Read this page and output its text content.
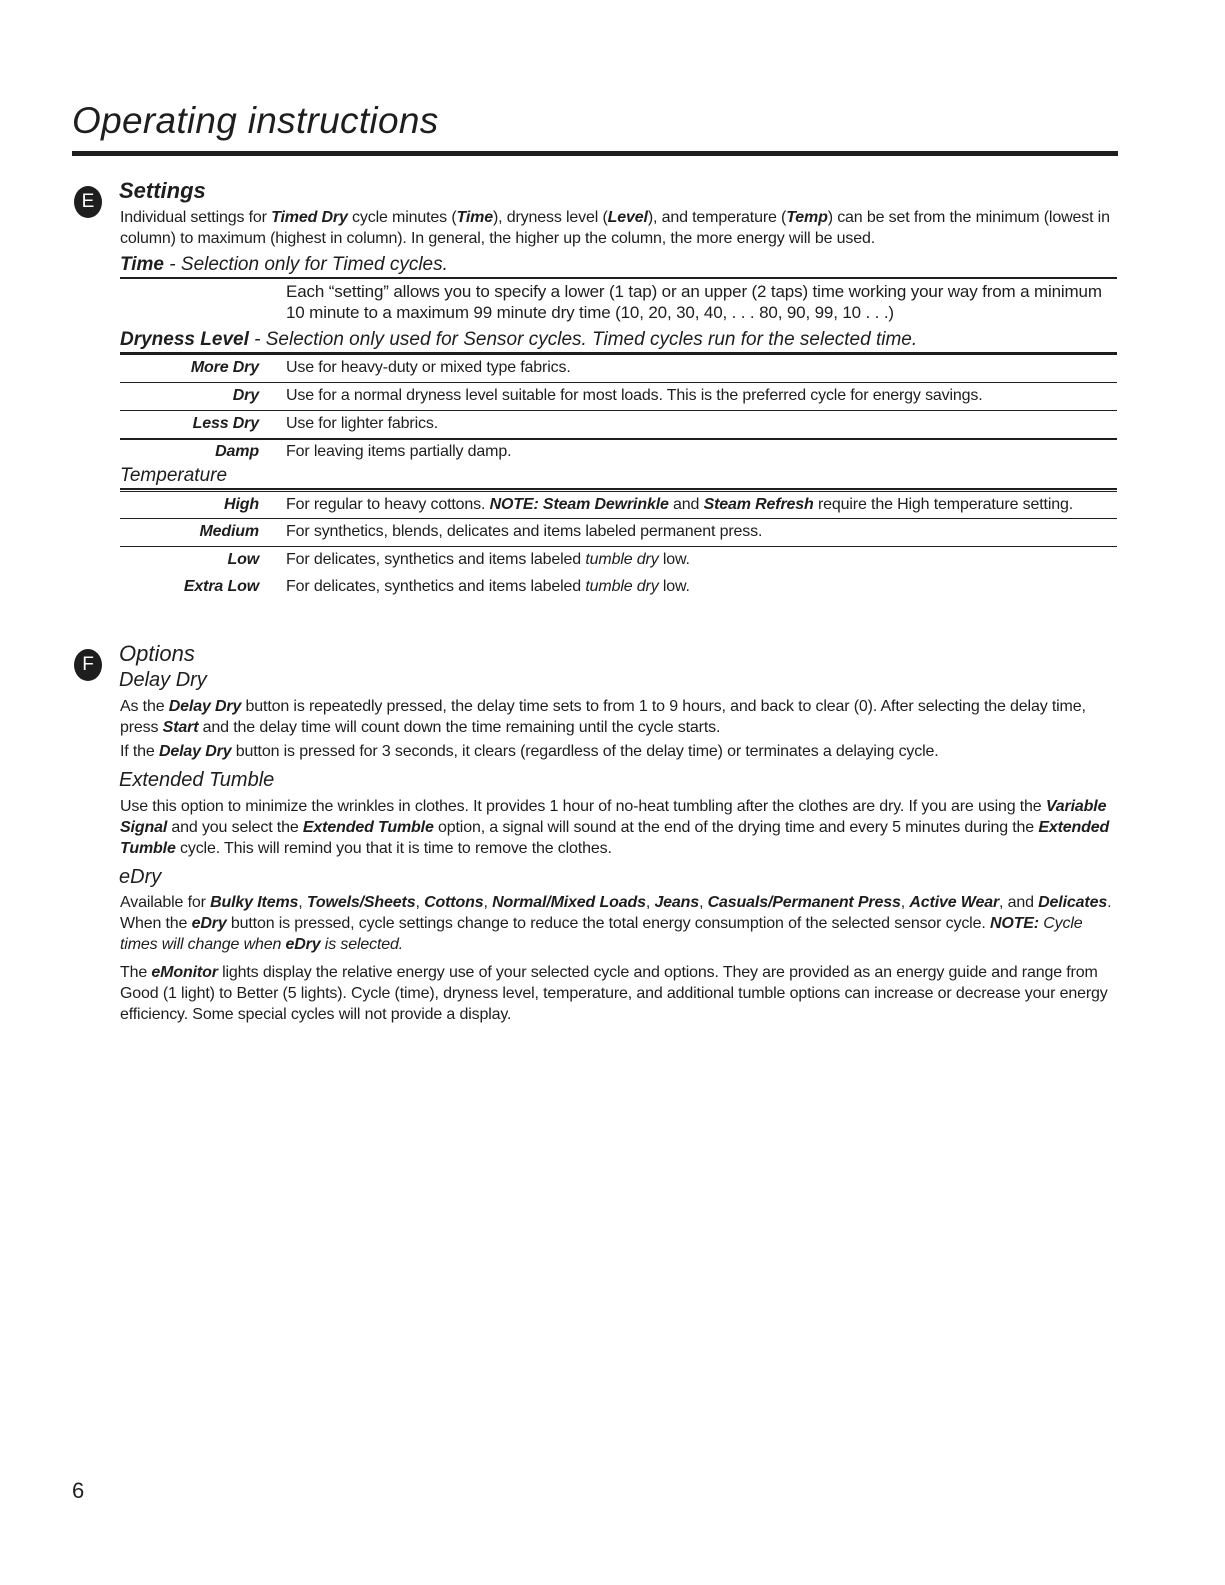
Operating instructions
E	Settings

Individual settings for Timed Dry cycle minutes (Time), dryness level (Level), and temperature (Temp) can be set from the minimum (lowest in column) to maximum (highest in column). In general, the higher up the column, the more energy will be used.

Time - Selection only for Timed cycles.

Each “setting” allows you to specify a lower (1 tap) or an upper (2 taps) time working your way from a minimum 10 minute to a maximum 99 minute dry time (10, 20, 30, 40, . . . 80, 90, 99, 10 . . .)

Dryness Level - Selection only used for Sensor cycles. Timed cycles run for the selected time.
More Dry Use for heavy-duty or mixed type fabrics.
Dry Use for a normal dryness level suitable for most loads. This is the preferred cycle for energy savings.
Less Dry Use for lighter fabrics.
Damp For leaving items partially damp.
Temperature
High For regular to heavy cottons. NOTE: Steam Dewrinkle and Steam Refresh require the High temperature setting.
Medium For synthetics, blends, delicates and items labeled permanent press.
Low For delicates, synthetics and items labeled tumble dry low.
Extra Low For delicates, synthetics and items labeled tumble dry low.
F	Options
Delay Dry

As the Delay Dry button is repeatedly pressed, the delay time sets to from 1 to 9 hours, and back to clear (0). After selecting the delay time, press Start and the delay time will count down the time remaining until the cycle starts.

If the Delay Dry button is pressed for 3 seconds, it clears (regardless of the delay time) or terminates a delaying cycle.

Extended Tumble

Use this option to minimize the wrinkles in clothes. It provides 1 hour of no-heat tumbling after the clothes are dry. If you are using the Variable Signal and you select the Extended Tumble option, a signal will sound at the end of the drying time and every 5 minutes during the Extended Tumble cycle. This will remind you that it is time to remove the clothes.

eDry

Available for Bulky Items, Towels/Sheets, Cottons, Normal/Mixed Loads, Jeans, Casuals/Permanent Press, Active Wear, and Delicates. When the eDry button is pressed, cycle settings change to reduce the total energy consumption of the selected sensor cycle. NOTE: Cycle times will change when eDry is selected.

The eMonitor lights display the relative energy use of your selected cycle and options. They are provided as an energy guide and range from Good (1 light) to Better (5 lights). Cycle (time), dryness level, temperature, and additional tumble options can increase or decrease your energy efficiency. Some special cycles will not provide a display.

6
